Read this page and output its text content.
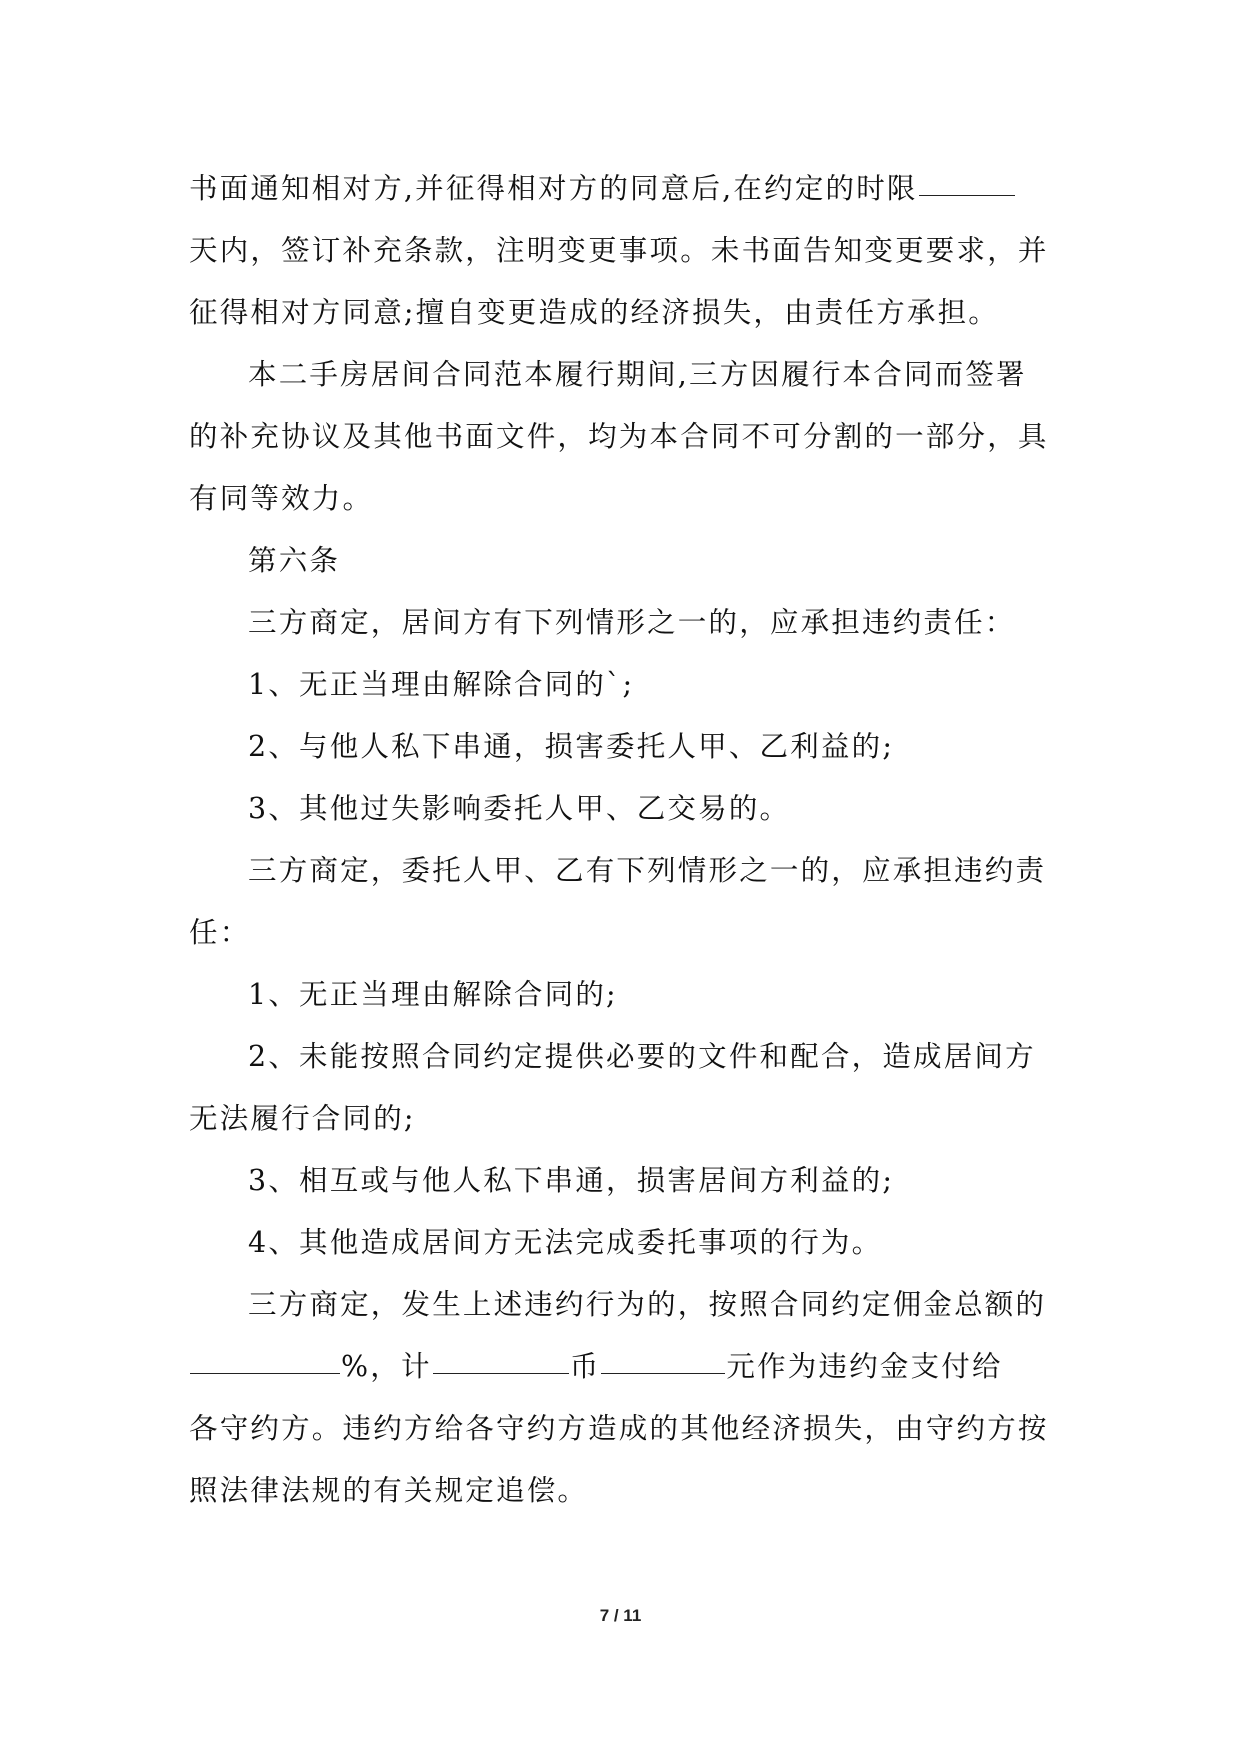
书面通知相对方,并征得相对方的同意后,在约定的时限
天内，签订补充条款，注明变更事项。未书面告知变更要求，并
征得相对方同意;擅自变更造成的经济损失，由责任方承担。

本二手房居间合同范本履行期间,三方因履行本合同而签署

的补充协议及其他书面文件，均为本合同不可分割的一部分，具
有同等效力。

第六条

三方商定，居间方有下列情形之一的，应承担违约责任：

1、无正当理由解除合同的`;

2、与他人私下串通，损害委托人甲、乙利益的;

3、其他过失影响委托人甲、乙交易的。

三方商定，委托人甲、乙有下列情形之一的，应承担违约责

任：

1、无正当理由解除合同的;

2、未能按照合同约定提供必要的文件和配合，造成居间方

无法履行合同的;

3、相互或与他人私下串通，损害居间方利益的;

4、其他造成居间方无法完成委托事项的行为。

三方商定，发生上述违约行为的，按照合同约定佣金总额的

%，计	币	元作为违约金支付给
各守约方。违约方给各守约方造成的其他经济损失，由守约方按
照法律法规的有关规定追偿。

7 / 11
